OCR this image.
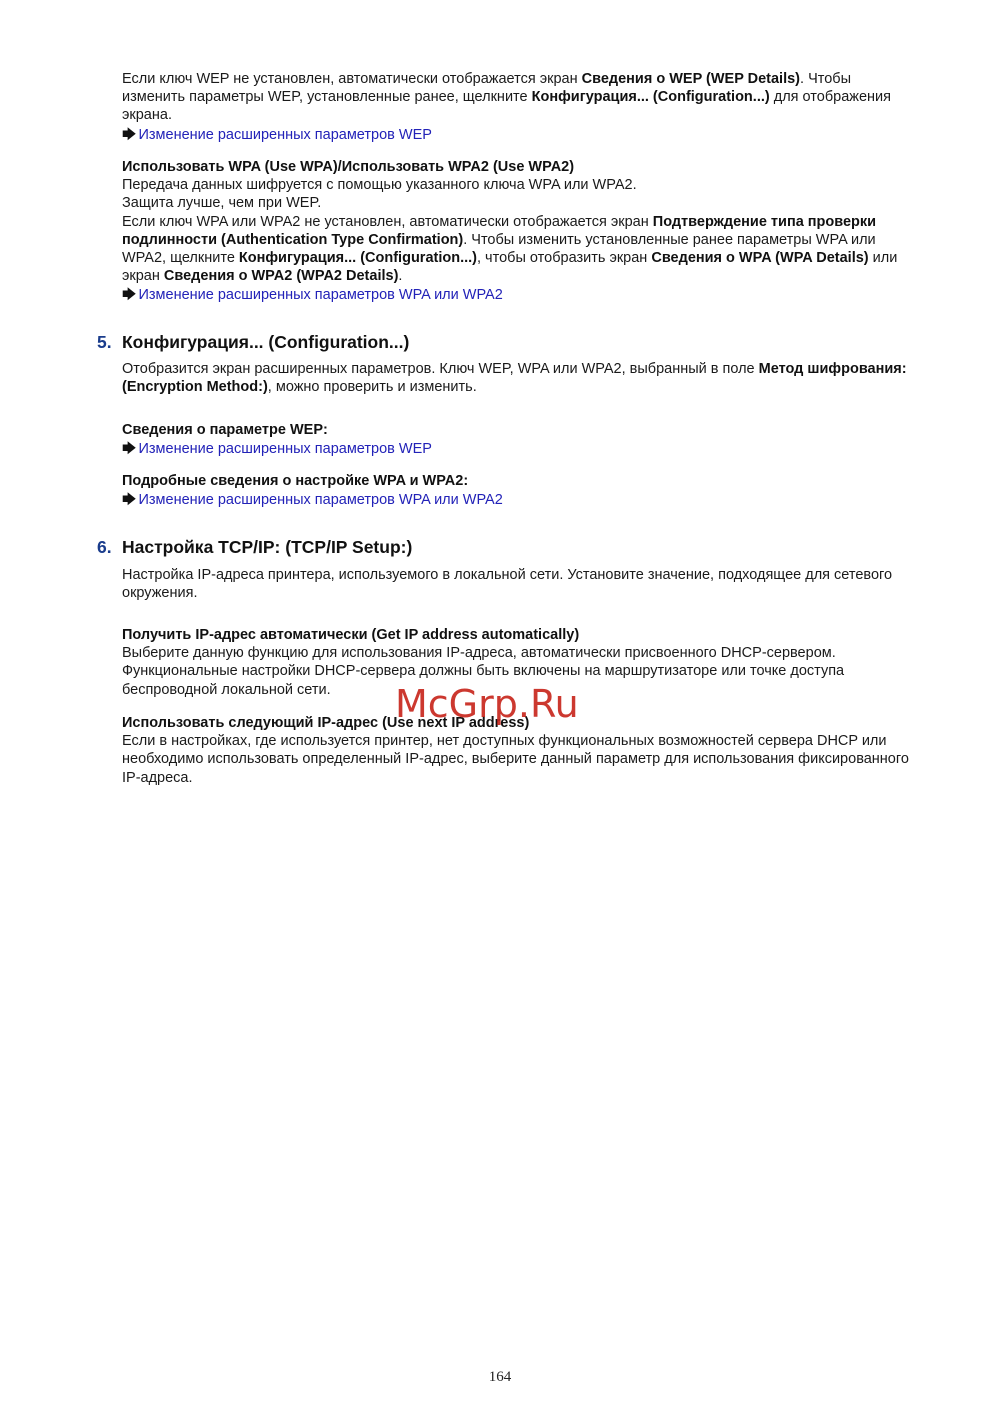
Если ключ WEP не установлен, автоматически отображается экран Сведения о WEP (WEP Details). Чтобы изменить параметры WEP, установленные ранее, щелкните Конфигурация... (Configuration...) для отображения экрана.

🡆 Изменение расширенных параметров WEP

Использовать WPA (Use WPA)/Использовать WPA2 (Use WPA2)

Передача данных шифруется с помощью указанного ключа WPA или WPA2.

Защита лучше, чем при WEP.

Если ключ WPA или WPA2 не установлен, автоматически отображается экран Подтверждение типа проверки подлинности (Authentication Type Confirmation). Чтобы изменить установленные ранее параметры WPA или WPA2, щелкните Конфигурация... (Configuration...), чтобы отобразить экран Сведения о WPA (WPA Details) или экран Сведения о WPA2 (WPA2 Details).

🡆 Изменение расширенных параметров WPA или WPA2
5. Конфигурация... (Configuration...)

Отобразится экран расширенных параметров. Ключ WEP, WPA или WPA2, выбранный в поле Метод шифрования: (Encryption Method:), можно проверить и изменить.

Сведения о параметре WEP:

🡆 Изменение расширенных параметров WEP

Подробные сведения о настройке WPA и WPA2:

🡆 Изменение расширенных параметров WPA или WPA2
6. Настройка TCP/IP: (TCP/IP Setup:)

Настройка IP-адреса принтера, используемого в локальной сети. Установите значение, подходящее для сетевого окружения.

Получить IP-адрес автоматически (Get IP address automatically)

Выберите данную функцию для использования IP-адреса, автоматически присвоенного DHCP-сервером. Функциональные настройки DHCP-сервера должны быть включены на маршрутизаторе или точке доступа беспроводной локальной сети.

Использовать следующий IP-адрес (Use next IP address)

Если в настройках, где используется принтер, нет доступных функциональных возможностей сервера DHCP или необходимо использовать определенный IP-адрес, выберите данный параметр для использования фиксированного IP-адреса.

McGrp.Ru
164
